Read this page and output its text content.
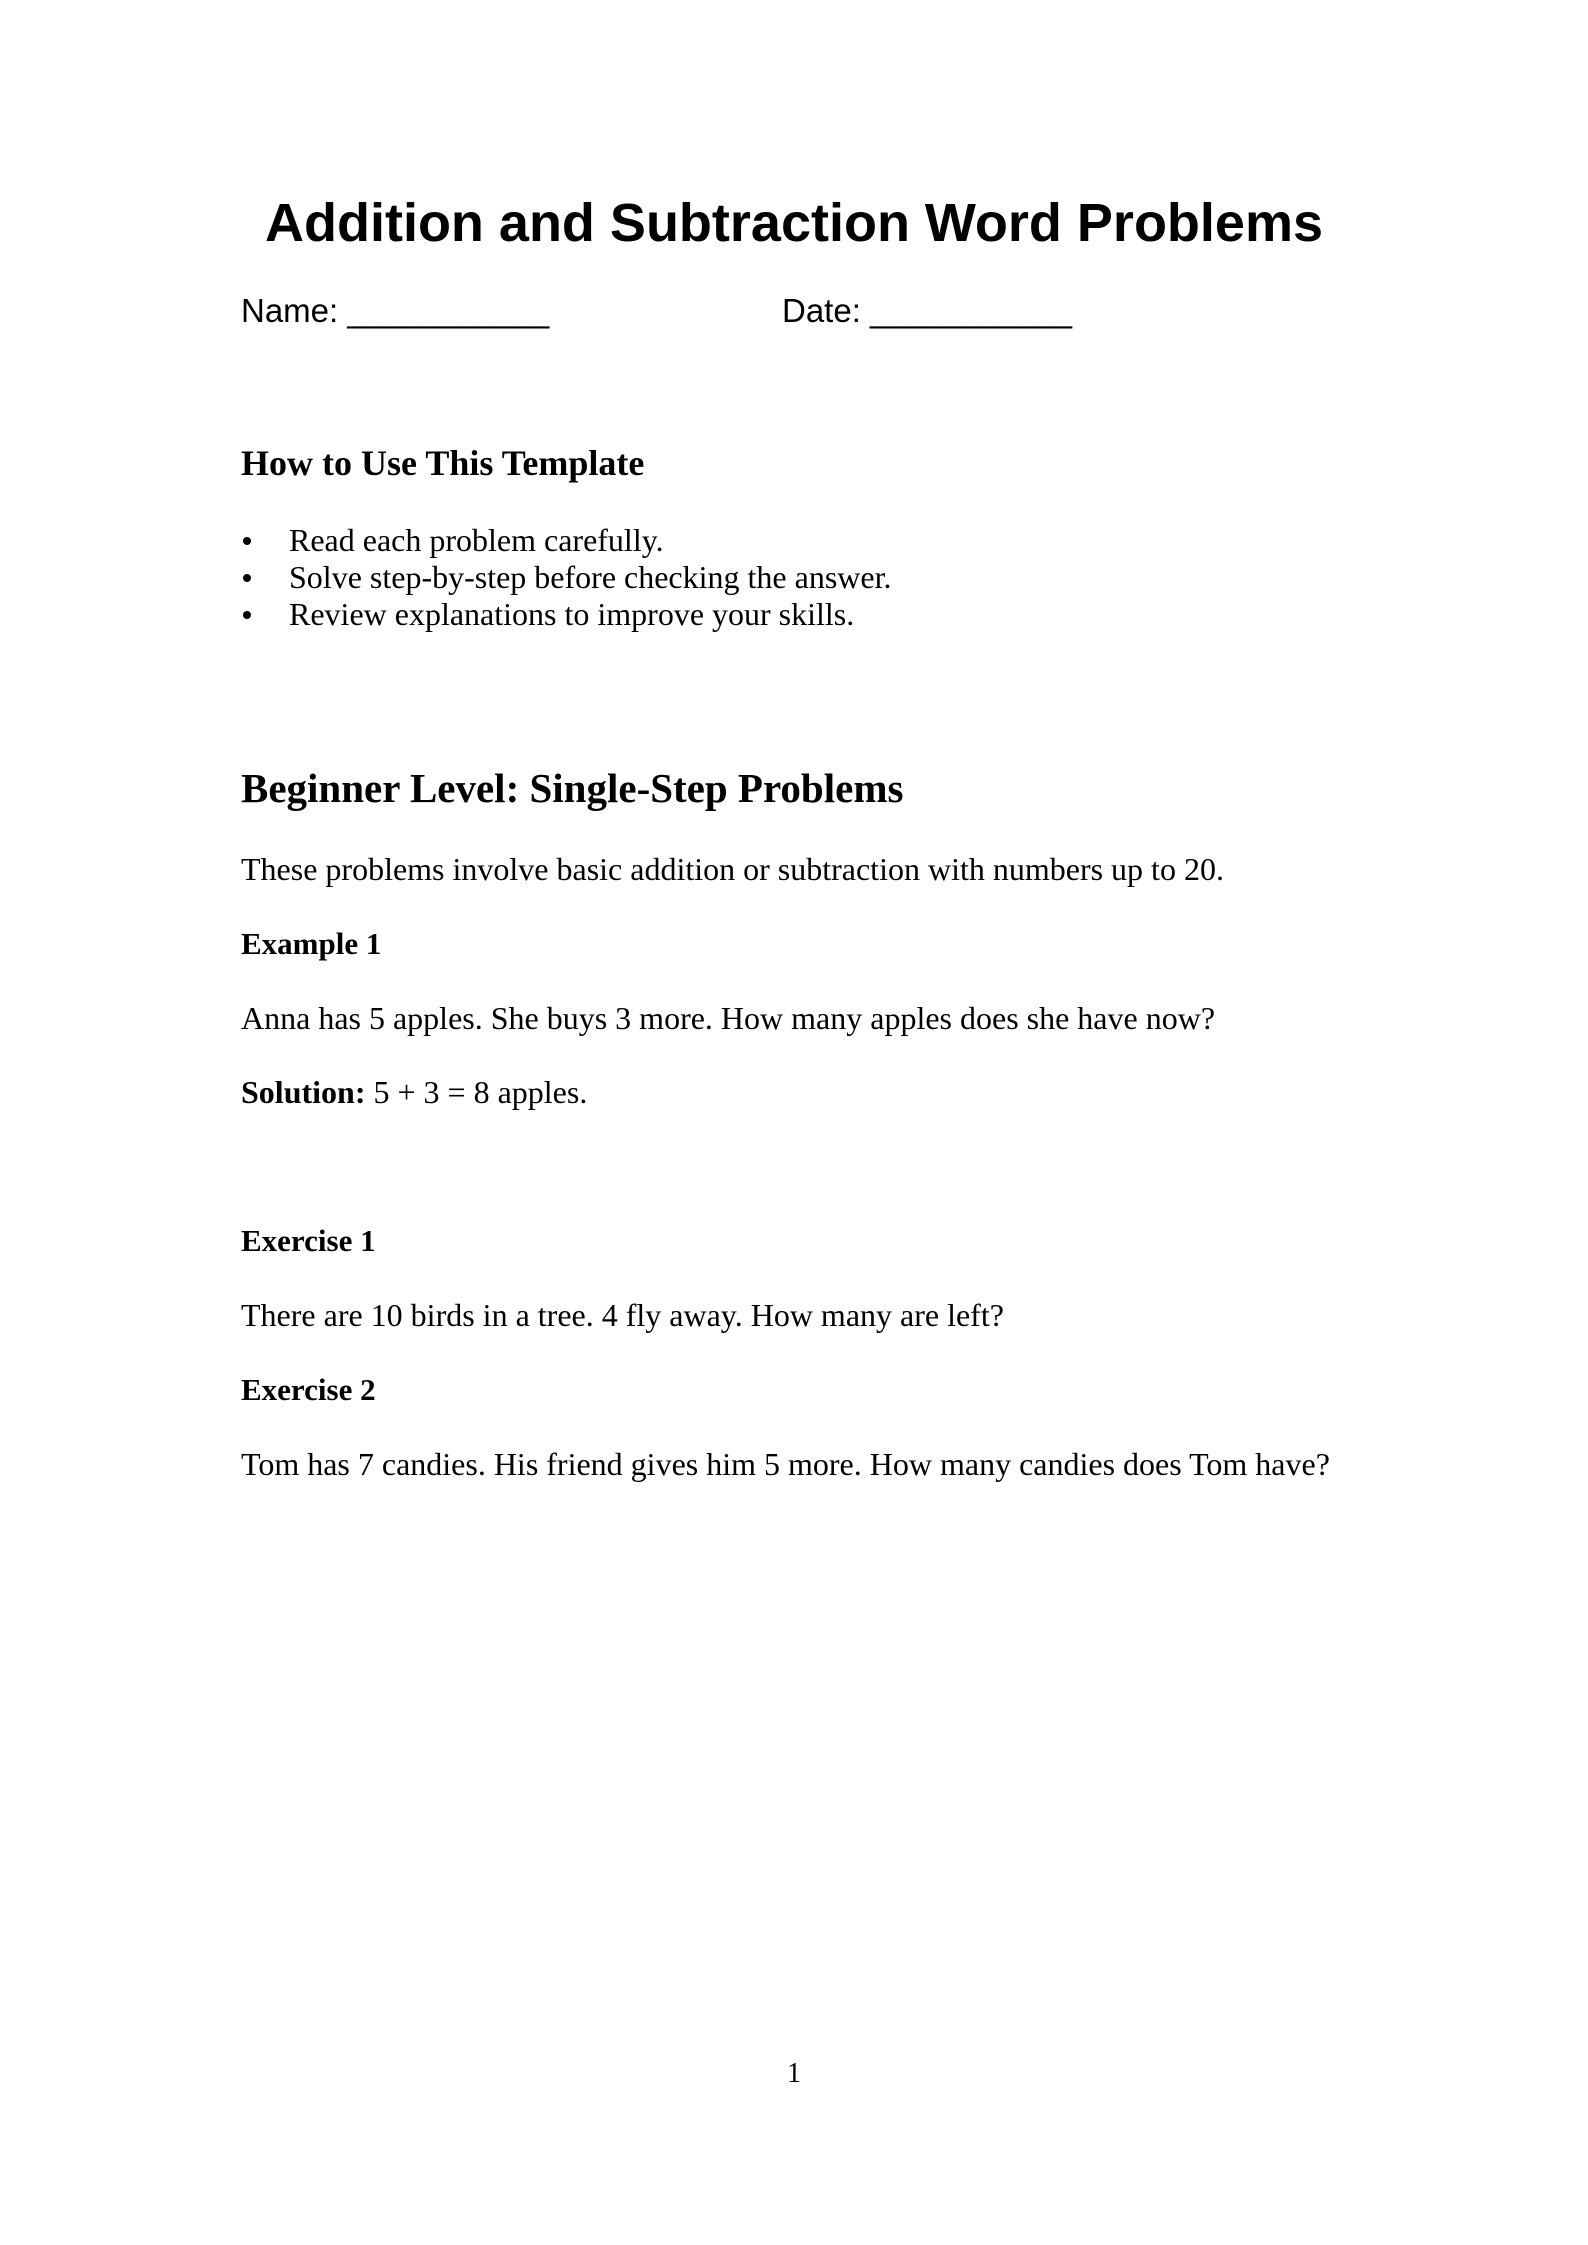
Addition and Subtraction Word Problems
Name: ___________	Date: ___________
How to Use This Template
Read each problem carefully.
Solve step-by-step before checking the answer.
Review explanations to improve your skills.
Beginner Level: Single-Step Problems

These problems involve basic addition or subtraction with numbers up to 20.

Example 1

Anna has 5 apples. She buys 3 more. How many apples does she have now?

Solution: 5 + 3 = 8 apples.

Exercise 1

There are 10 birds in a tree. 4 fly away. How many are left?

Exercise 2

Tom has 7 candies. His friend gives him 5 more. How many candies does Tom have?

1
